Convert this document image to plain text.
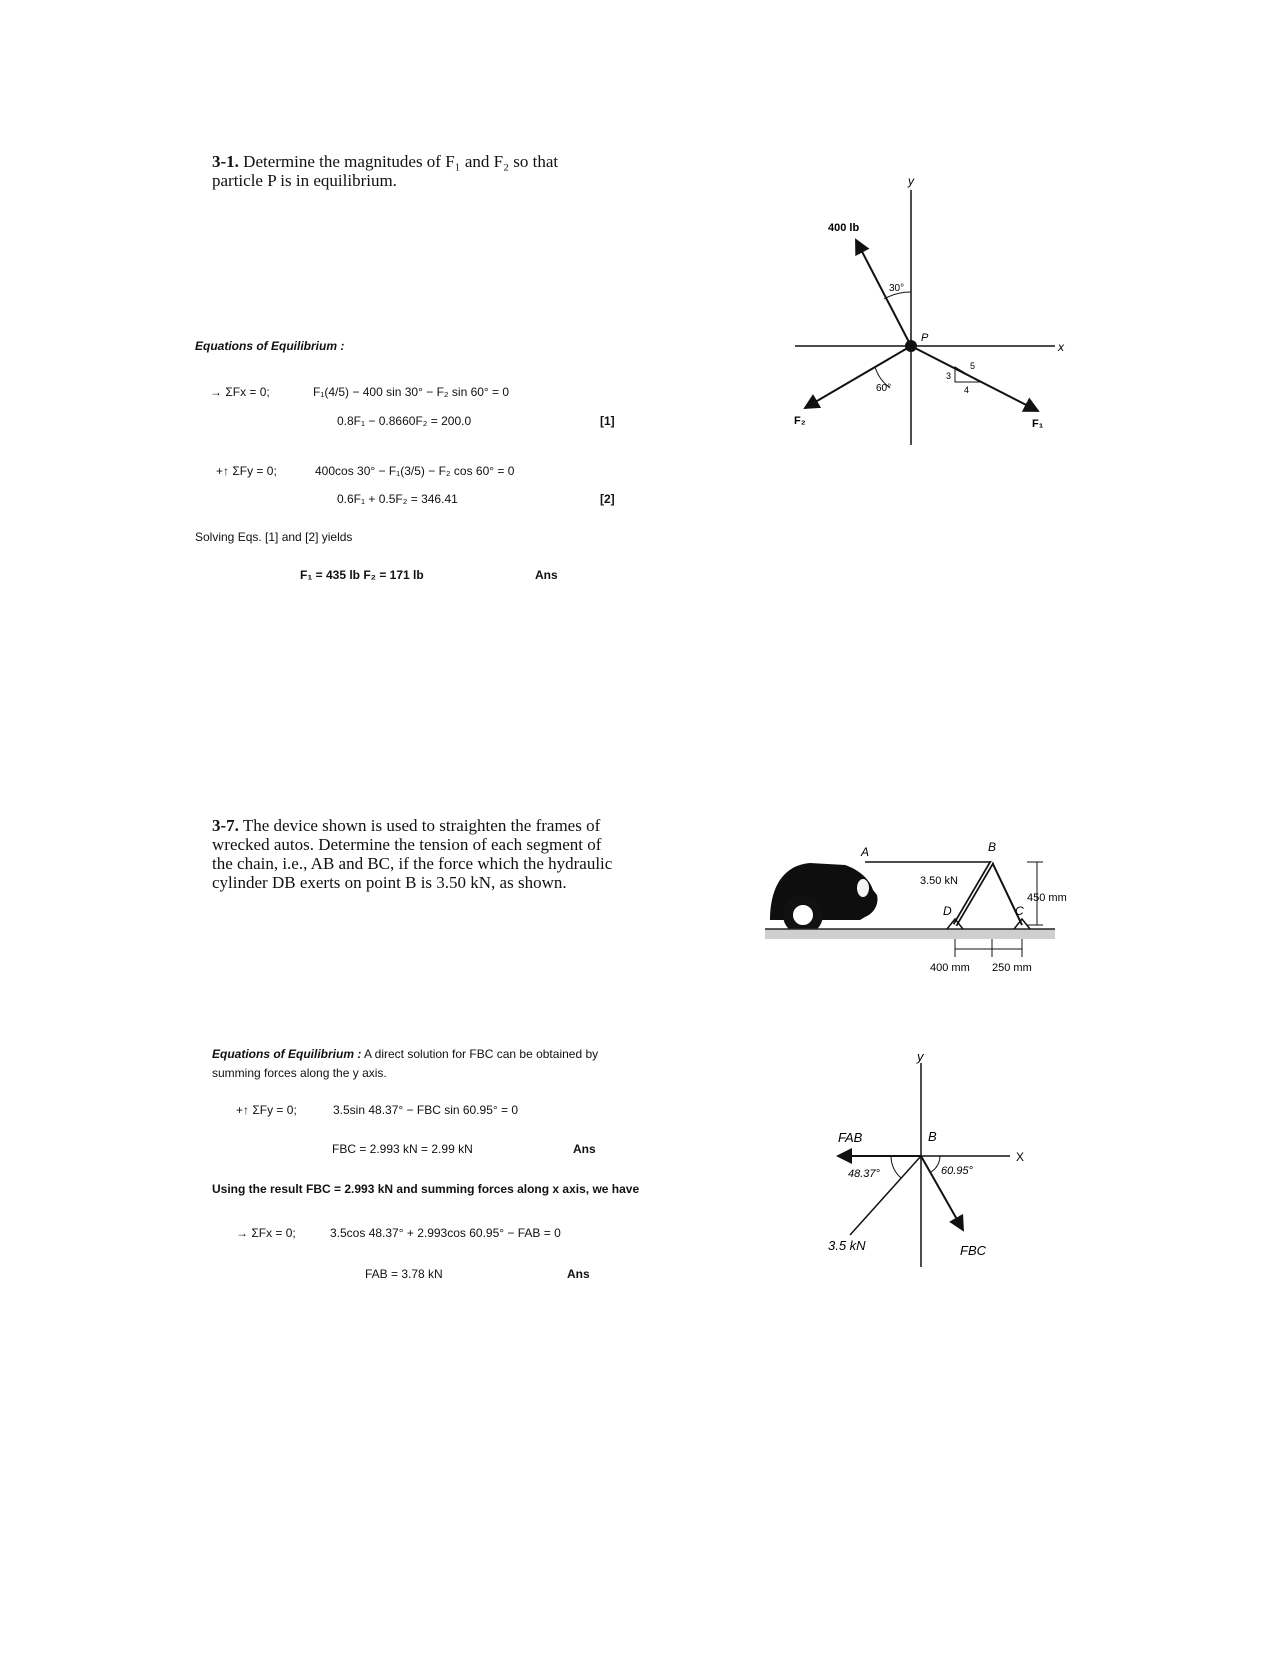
3-1. Determine the magnitudes of F₁ and F₂ so that particle P is in equilibrium.
Equations of Equilibrium :
→ ΣFx = 0;	F₁(4/5) − 400 sin 30° − F₂ sin 60° = 0
0.8F₁ − 0.8660F₂ = 200.0	[1]
+↑ ΣFy = 0;	400cos 30° − F₁(3/5) − F₂ cos 60° = 0
0.6F₁ + 0.5F₂ = 346.41	[2]
Solving Eqs. [1] and [2] yields
F₁ = 435 lb F₂ = 171 lb	Ans
y
x
400 lb
30°
P
F₂
60°
F₁
3
4
5
3-7. The device shown is used to straighten the frames of wrecked autos. Determine the tension of each segment of the chain, i.e., AB and BC, if the force which the hydraulic cylinder DB exerts on point B is 3.50 kN, as shown.
A	B
C
D
3.50 kN
450 mm
400 mm 250 mm
Equations of Equilibrium : A direct solution for FBC can be obtained by summing forces along the y axis.
+↑ ΣFy = 0;	3.5sin 48.37° − FBC sin 60.95° = 0
FBC = 2.993 kN = 2.99 kN	Ans
Using the result FBC = 2.993 kN and summing forces along x axis, we have
→ ΣFx = 0;	3.5cos 48.37° + 2.993cos 60.95° − FAB = 0
FAB = 3.78 kN	Ans
y
X
FAB	B
48.37°	60.95°
3.5 kN	FBC
